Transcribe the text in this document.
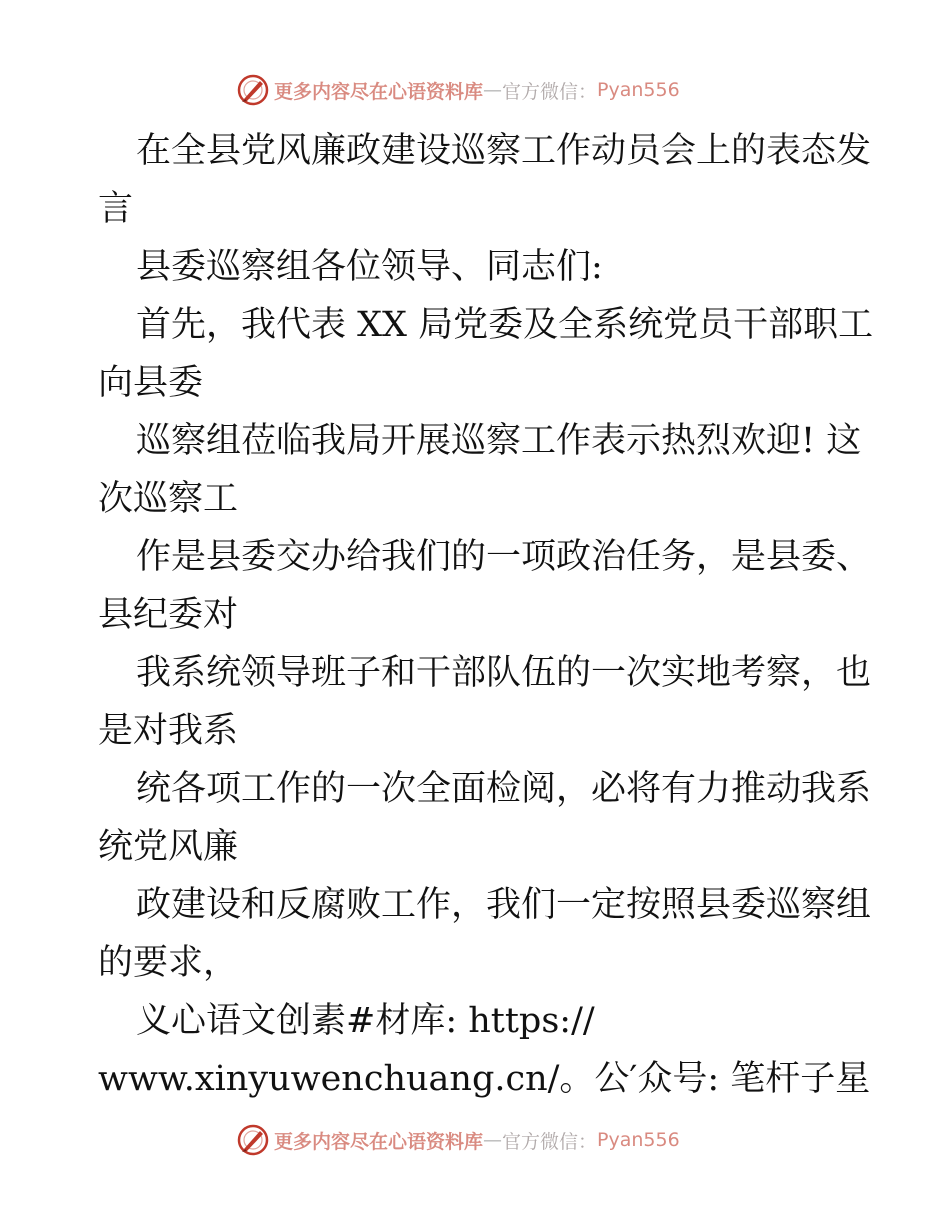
更多内容尽在心语资料库 — 官方微信： Pyan556
在全县党风廉政建设巡察工作动员会上的表态发
言
县委巡察组各位领导、同志们:
首先，我代表 XX 局党委及全系统党员干部职工
向县委
巡察组莅临我局开展巡察工作表示热烈欢迎! 这
次巡察工
作是县委交办给我们的一项政治任务，是县委、
县纪委对
我系统领导班子和干部队伍的一次实地考察，也
是对我系
统各项工作的一次全面检阅，必将有力推动我系
统党风廉
政建设和反腐败工作，我们一定按照县委巡察组
的要求，
义心语文创素#材库: https://
www.xinyuwenchuang.cn/。公′众号: 笔杆子星
更多内容尽在心语资料库 — 官方微信： Pyan556
